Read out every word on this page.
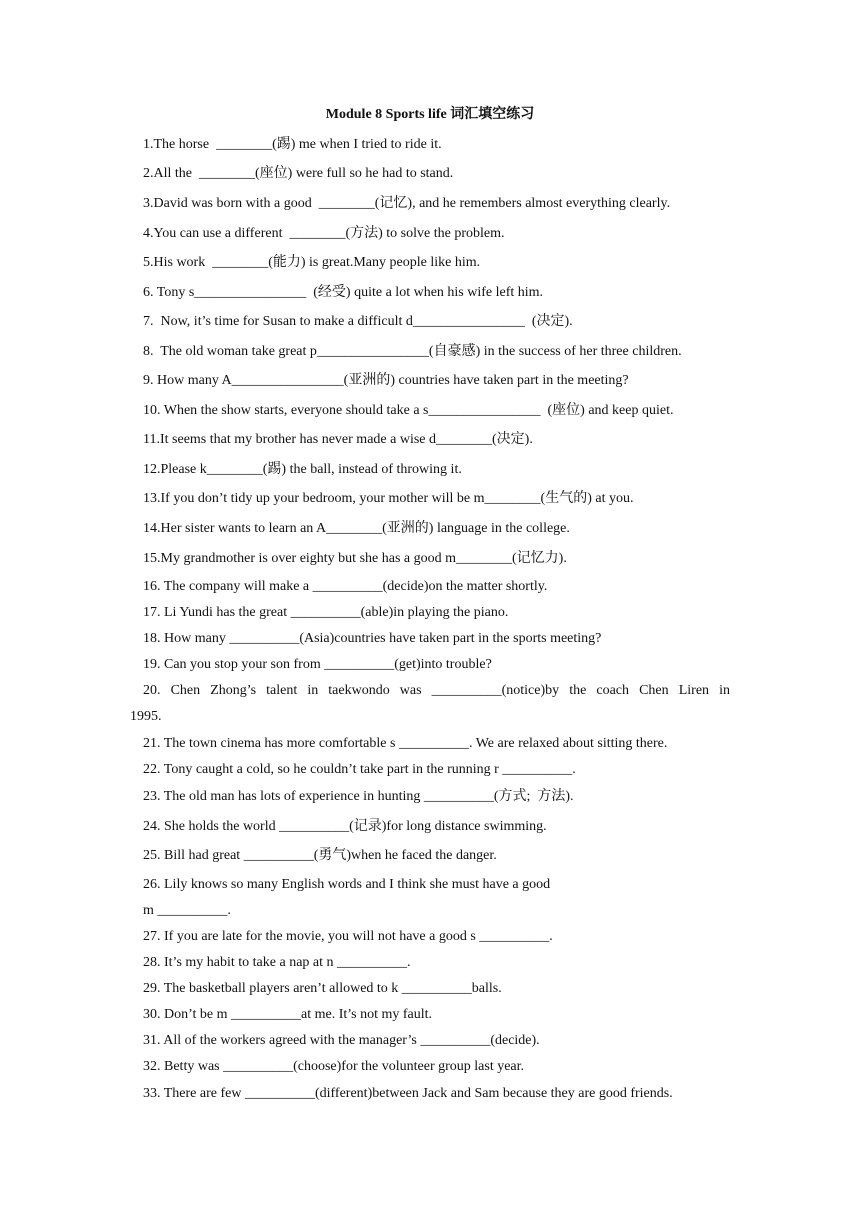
Module 8 Sports life 词汇填空练习
1.The horse  ________(踢) me when I tried to ride it.
2.All the  ________(座位) were full so he had to stand.
3.David was born with a good  ________(记忆), and he remembers almost everything clearly.
4.You can use a different  ________(方法) to solve the problem.
5.His work  ________(能力) is great.Many people like him.
6. Tony s________________  (经受) quite a lot when his wife left him.
7.  Now, it’s time for Susan to make a difficult d________________  (决定).
8.  The old woman take great p________________(自豪感) in the success of her three children.
9. How many A________________(亚洲的) countries have taken part in the meeting?
10. When the show starts, everyone should take a s________________  (座位) and keep quiet.
11.It seems that my brother has never made a wise d________(决定).
12.Please k________(踢) the ball, instead of throwing it.
13.If you don’t tidy up your bedroom, your mother will be m________(生气的) at you.
14.Her sister wants to learn an A________(亚洲的) language in the college.
15.My grandmother is over eighty but she has a good m________(记忆力).
16. The company will make a __________(decide)on the matter shortly.
17. Li Yundi has the great __________(able)in playing the piano.
18. How many __________(Asia)countries have taken part in the sports meeting?
19. Can you stop your son from __________(get)into trouble?
20. Chen Zhong’s talent in taekwondo was __________(notice)by the coach Chen Liren in
1995.
21. The town cinema has more comfortable s __________. We are relaxed about sitting there.
22. Tony caught a cold, so he couldn’t take part in the running r __________.
23. The old man has lots of experience in hunting __________(方式;  方法).
24. She holds the world __________(记录)for long distance swimming.
25. Bill had great __________(勇气)when he faced the danger.
26. Lily knows so many English words and I think she must have a good
m __________.
27. If you are late for the movie, you will not have a good s __________.
28. It’s my habit to take a nap at n __________.
29. The basketball players aren’t allowed to k __________balls.
30. Don’t be m __________at me. It’s not my fault.
31. All of the workers agreed with the manager’s __________(decide).
32. Betty was __________(choose)for the volunteer group last year.
33. There are few __________(different)between Jack and Sam because they are good friends.
